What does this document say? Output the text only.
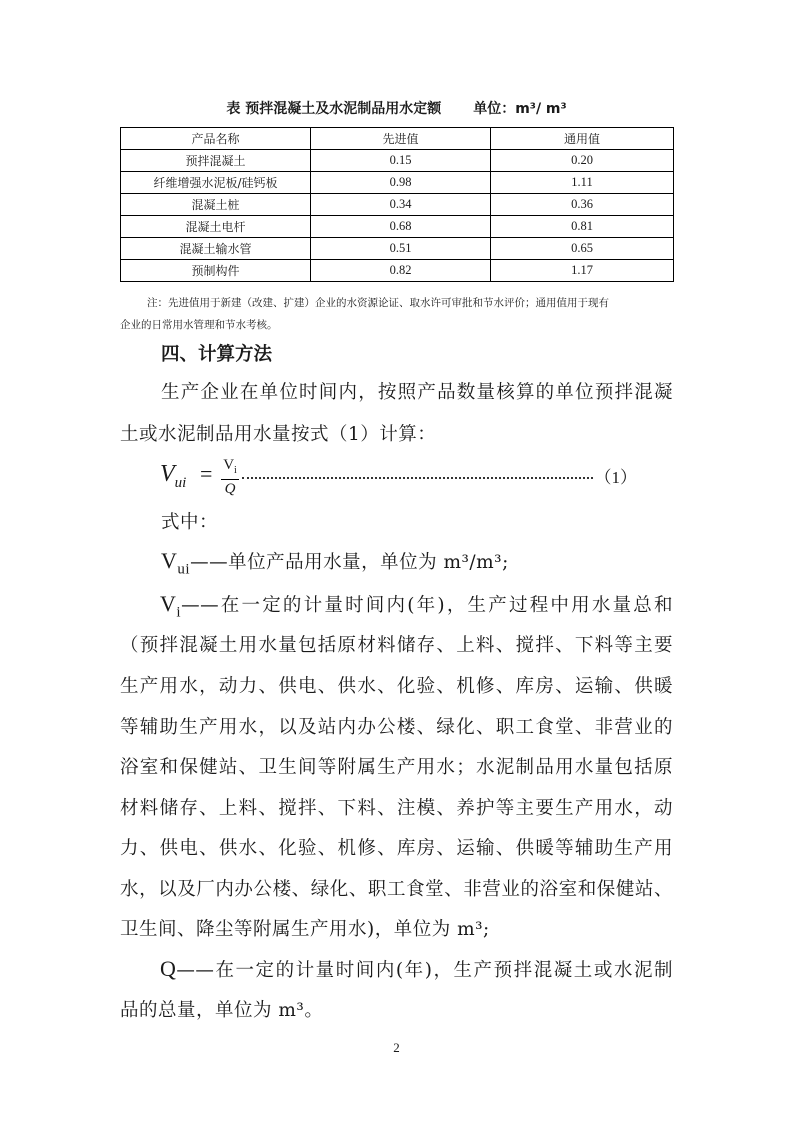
表 预拌混凝土及水泥制品用水定额 单位：m³/ m³
产品名称	先进值	通用值
预拌混凝土	0.15	0.20
纤维增强水泥板/硅钙板	0.98	1.11
混凝土桩	0.34	0.36
混凝土电杆	0.68	0.81
混凝土输水管	0.51	0.65
预制构件	0.82	1.17
注：先进值用于新建（改建、扩建）企业的水资源论证、取水许可审批和节水评价；通用值用于现有
企业的日常用水管理和节水考核。
四、计算方法
生产企业在单位时间内，按照产品数量核算的单位预拌混凝
土或水泥制品用水量按式（1）计算：
$V_{ui} = \frac{V_i}{Q}$	（1）
式中：
$V_{ui}——$单位产品用水量，单位为 m³/m³;
$V_i——$在一定的计量时间内(年)，生产过程中用水量总和
（预拌混凝土用水量包括原材料储存、上料、搅拌、下料等主要
生产用水，动力、供电、供水、化验、机修、库房、运输、供暖
等辅助生产用水，以及站内办公楼、绿化、职工食堂、非营业的
浴室和保健站、卫生间等附属生产用水；水泥制品用水量包括原
材料储存、上料、搅拌、下料、注模、养护等主要生产用水，动
力、供电、供水、化验、机修、库房、运输、供暖等辅助生产用
水，以及厂内办公楼、绿化、职工食堂、非营业的浴室和保健站、
卫生间、降尘等附属生产用水)，单位为 m³;
Q——在一定的计量时间内(年)，生产预拌混凝土或水泥制
品的总量，单位为 m³。
2
